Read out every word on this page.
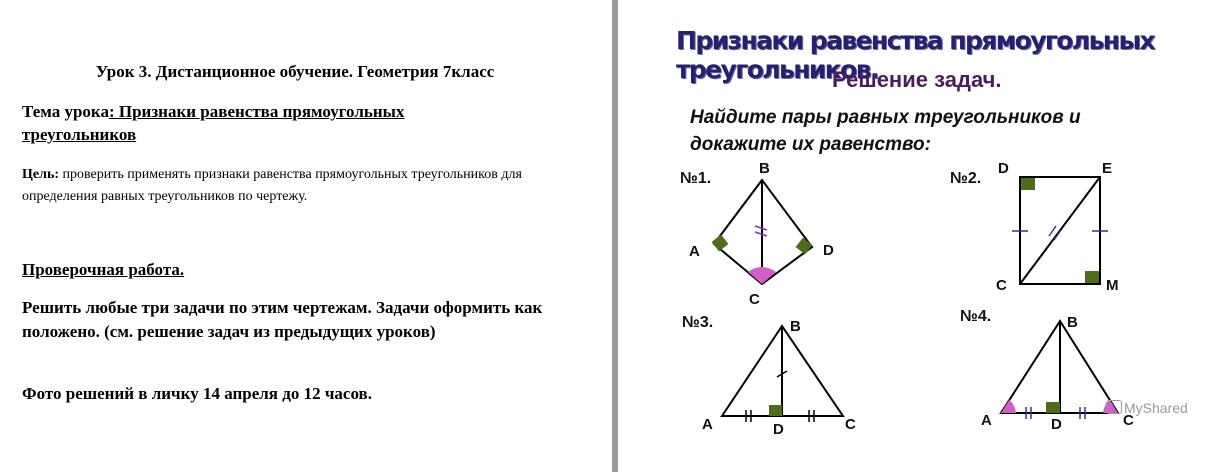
Урок 3. Дистанционное обучение. Геометрия 7класс

Тема урока: Признаки равенства прямоугольных треугольников

Цель: проверить применять признаки равенства прямоугольных треугольников для определения равных треугольников по чертежу.

Проверочная работа.

Решить любые три задачи по этим чертежам. Задачи оформить как положено. (см. решение задач из предыдущих уроков)

Фото решений в личку 14 апреля до 12 часов.

Признаки равенства прямоугольных треугольников.

Решение задач.

Найдите пары равных треугольников и докажите их равенство:

№1.
B
A
C
D
№2.
D	E
C	M
№3.	B
A	D	C
№4.	B
A	D	C

MyShared
